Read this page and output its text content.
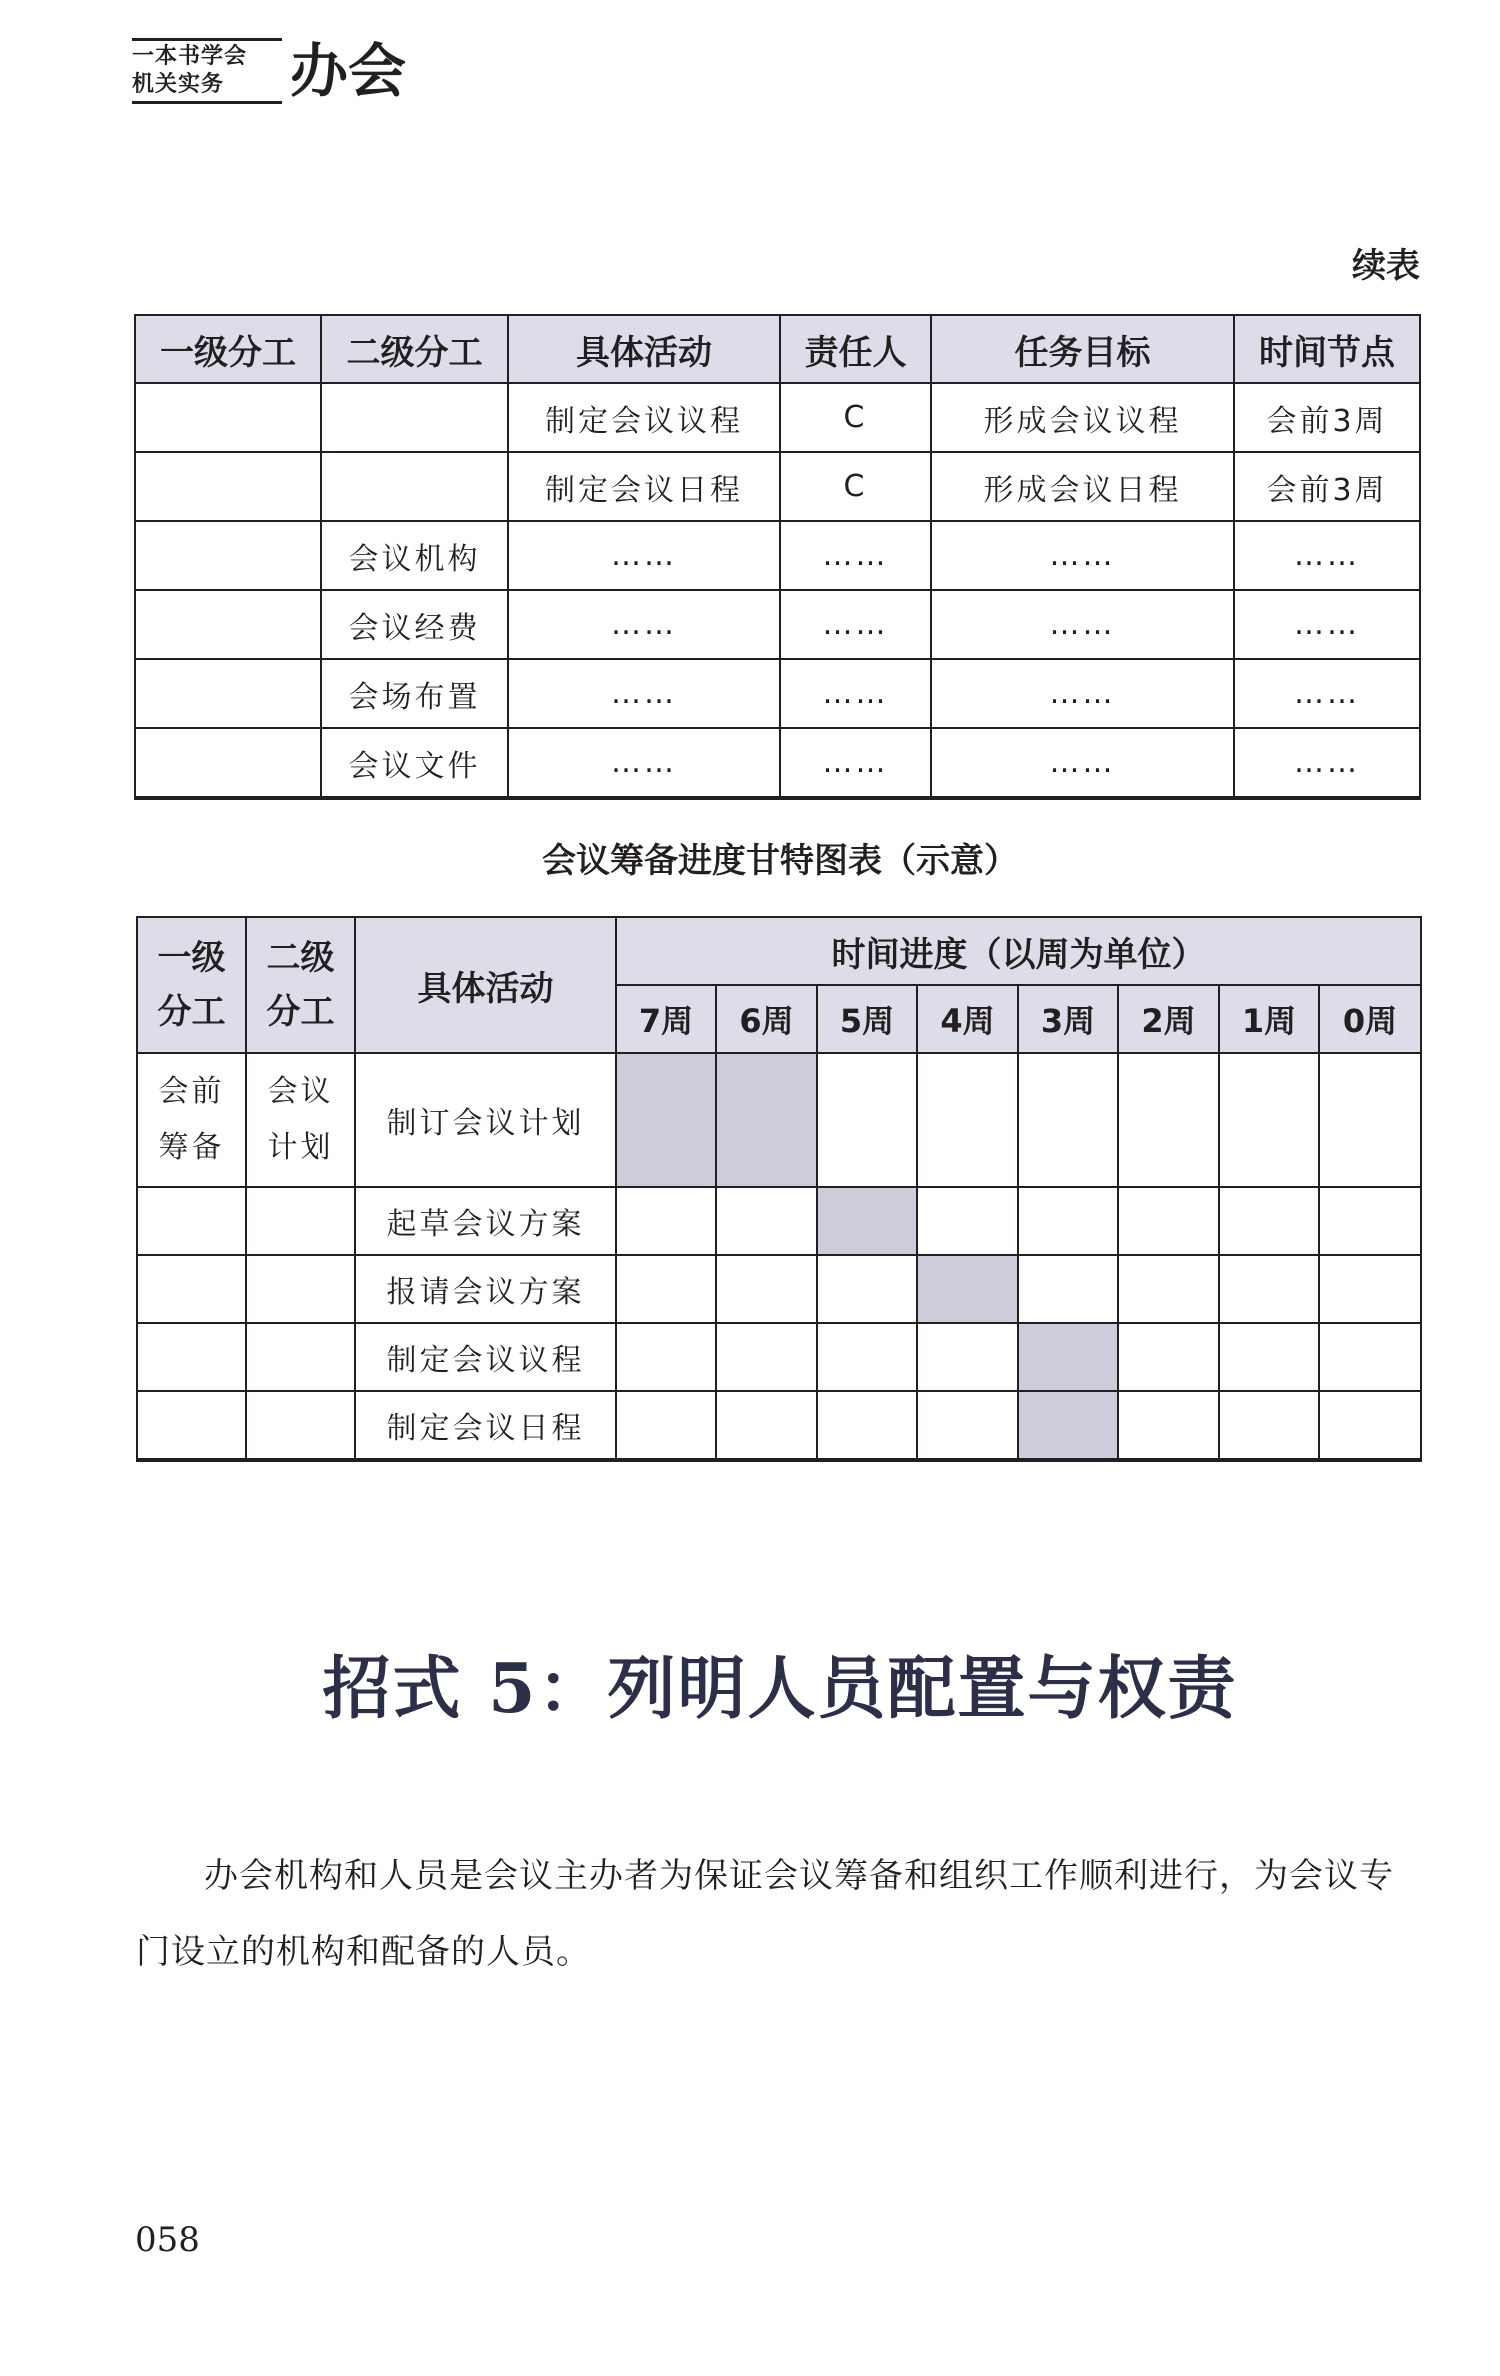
一本书学会
机关实务	办会
续表
一级分工	二级分工	具体活动	责任人	任务目标	时间节点
		制定会议议程	C	形成会议议程	会前3周
		制定会议日程	C	形成会议日程	会前3周
	会议机构	……	……	……	……
	会议经费	……	……	……	……
	会场布置	……	……	……	……
	会议文件	……	……	……	……
会议筹备进度甘特图表（示意）
一级分工	二级分工	具体活动	时间进度（以周为单位）							
			7周	6周	5周	4周	3周	2周	1周	0周
会前筹备	会议计划	制订会议计划								
		起草会议方案								
		报请会议方案								
		制定会议议程								
		制定会议日程								
招式 5：列明人员配置与权责
办会机构和人员是会议主办者为保证会议筹备和组织工作顺利进行，为会议专门设立的机构和配备的人员。
058
